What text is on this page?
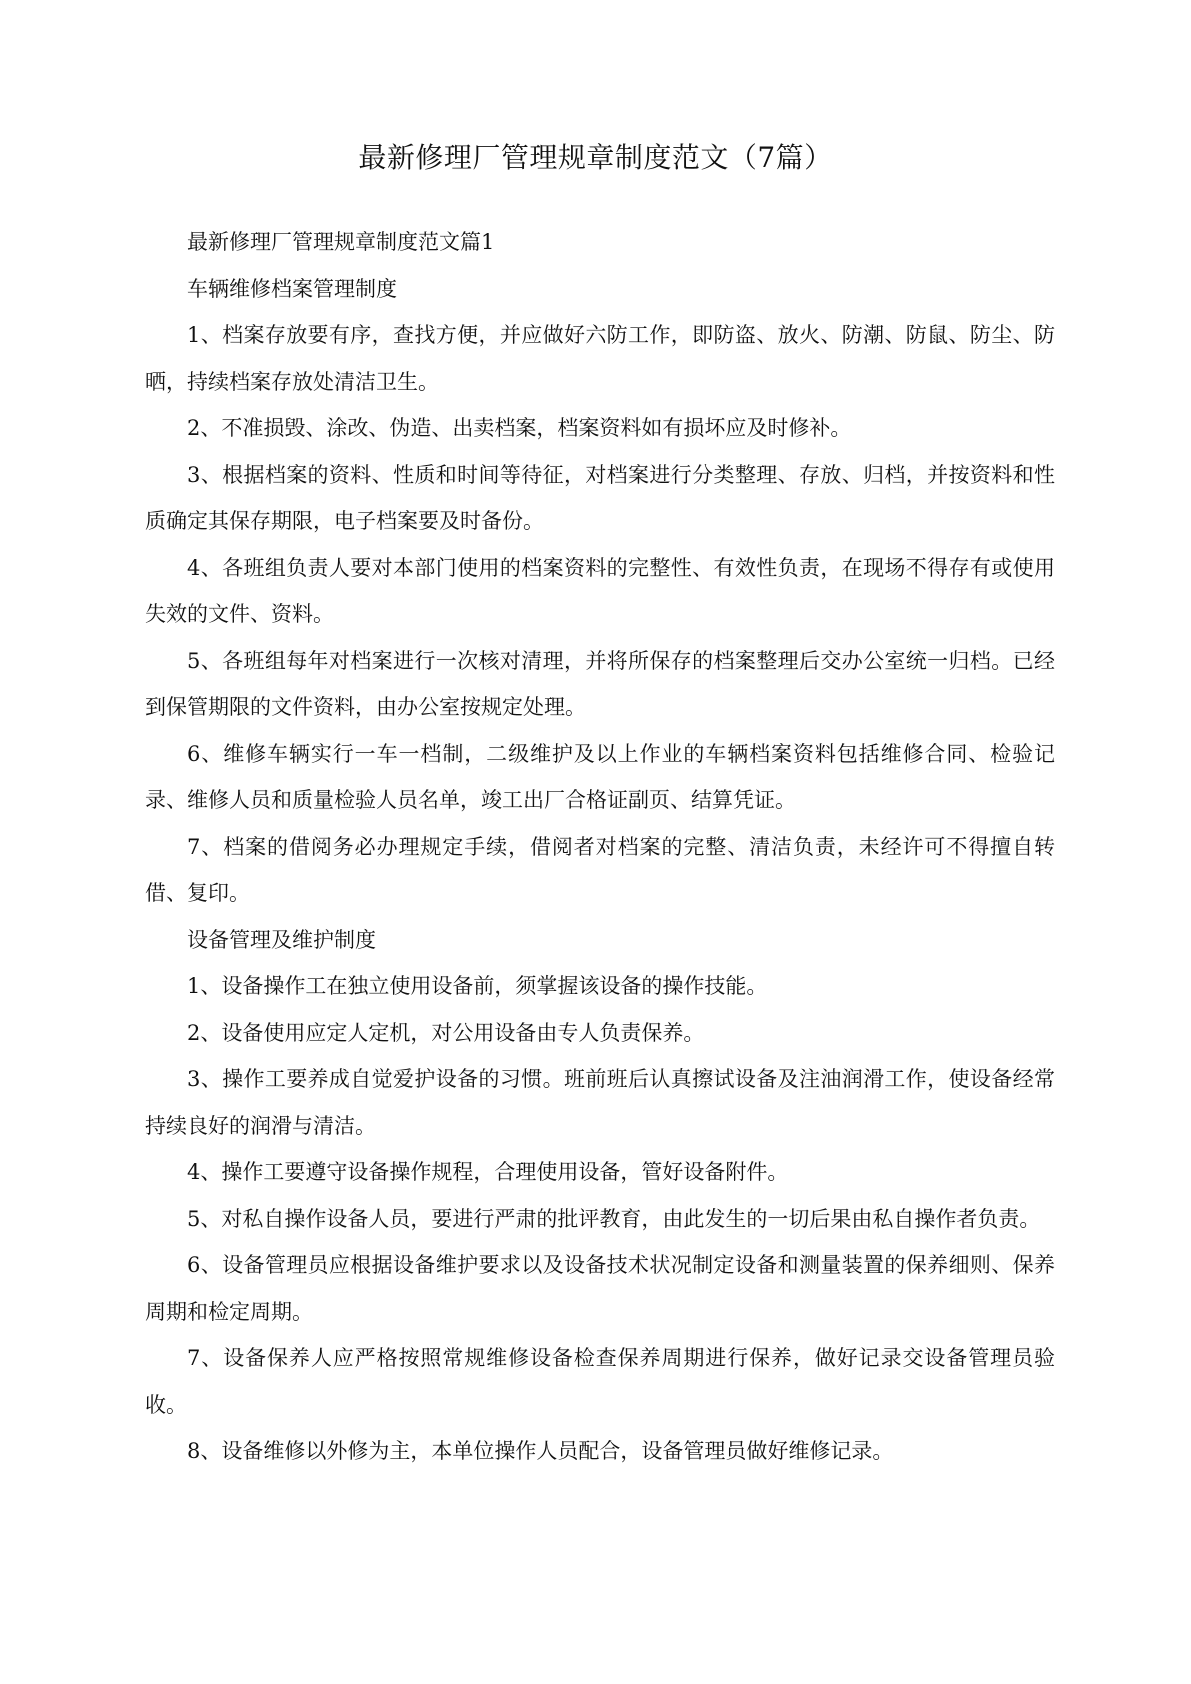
最新修理厂管理规章制度范文（7篇）

最新修理厂管理规章制度范文篇1

车辆维修档案管理制度

1、档案存放要有序，查找方便，并应做好六防工作，即防盗、放火、防潮、防鼠、防尘、防晒，持续档案存放处清洁卫生。

2、不准损毁、涂改、伪造、出卖档案，档案资料如有损坏应及时修补。

3、根据档案的资料、性质和时间等待征，对档案进行分类整理、存放、归档，并按资料和性质确定其保存期限，电子档案要及时备份。

4、各班组负责人要对本部门使用的档案资料的完整性、有效性负责，在现场不得存有或使用失效的文件、资料。

5、各班组每年对档案进行一次核对清理，并将所保存的档案整理后交办公室统一归档。已经到保管期限的文件资料，由办公室按规定处理。

6、维修车辆实行一车一档制，二级维护及以上作业的车辆档案资料包括维修合同、检验记录、维修人员和质量检验人员名单，竣工出厂合格证副页、结算凭证。

7、档案的借阅务必办理规定手续，借阅者对档案的完整、清洁负责，未经许可不得擅自转借、复印。

设备管理及维护制度

1、设备操作工在独立使用设备前，须掌握该设备的操作技能。

2、设备使用应定人定机，对公用设备由专人负责保养。

3、操作工要养成自觉爱护设备的习惯。班前班后认真擦试设备及注油润滑工作，使设备经常持续良好的润滑与清洁。

4、操作工要遵守设备操作规程，合理使用设备，管好设备附件。

5、对私自操作设备人员，要进行严肃的批评教育，由此发生的一切后果由私自操作者负责。

6、设备管理员应根据设备维护要求以及设备技术状况制定设备和测量装置的保养细则、保养周期和检定周期。

7、设备保养人应严格按照常规维修设备检查保养周期进行保养，做好记录交设备管理员验收。

8、设备维修以外修为主，本单位操作人员配合，设备管理员做好维修记录。
